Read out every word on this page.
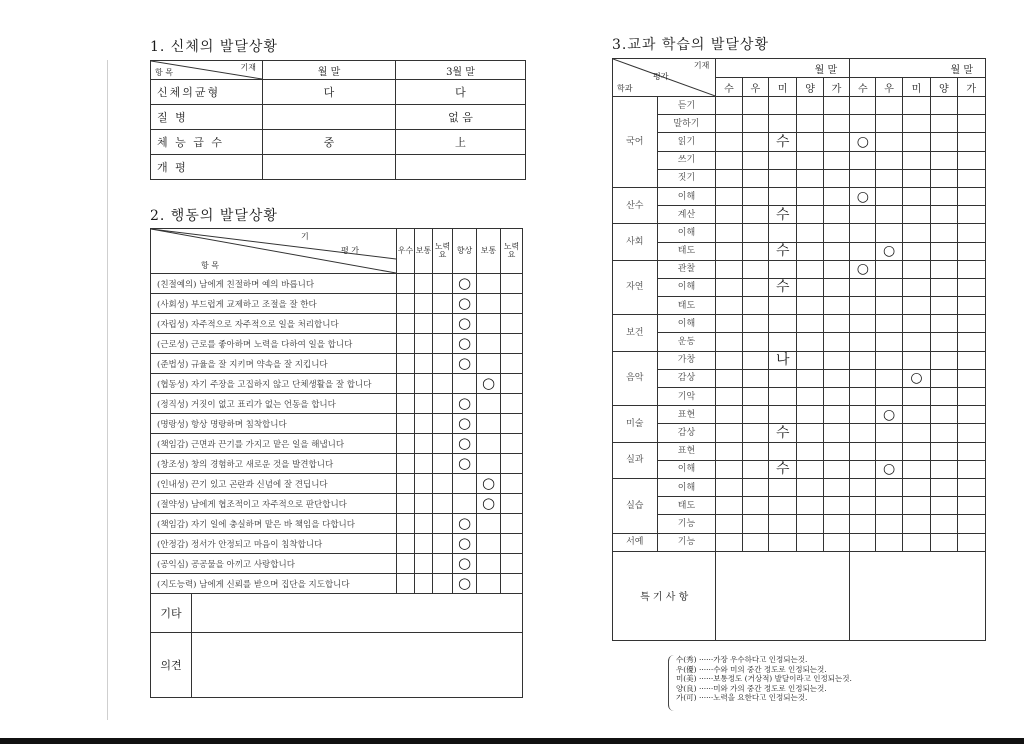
1. 신체의 발달상황
기재
항 목	월 말	3월 말
신체의균형	다	다
질 병		없 음
체 능 급 수	중	上
개 평		
2. 행동의 발달상황
기
평 가
항 목	우수	보통	노력요	향상	보통	노력요
(친절예의) 남에게 친절하며 예의 바릅니다				○		
(사회성) 부드럽게 교제하고 조절을 잘 한다				○		
(자립성) 자주적으로 자주적으로 일을 처리합니다				○		
(근로성) 근로를 좋아하며 노력을 다하여 일을 합니다				○		
(준법성) 규율을 잘 지키며 약속을 잘 지킵니다				○		
(협동성) 자기 주장을 고집하지 않고 단체생활을 잘 합니다					○	
(정직성) 거짓이 없고 표리가 없는 언동을 합니다				○		
(명랑성) 항상 명랑하며 침착합니다				○		
(책임감) 근면과 끈기를 가지고 맡은 일을 해냅니다				○		
(창조성) 창의 경험하고 새로운 것을 발견합니다				○		
(인내성) 끈기 있고 곤란과 신념에 잘 견딥니다					○	
(절약성) 남에게 협조적이고 자주적으로 판단합니다					○	
(책임감) 자기 일에 충실하며 맡은 바 책임을 다합니다				○		
(안정감) 정서가 안정되고 마음이 침착합니다				○		
(공익심) 공공물을 아끼고 사랑합니다				○		
(지도능력) 남에게 신뢰를 받으며 집단을 지도합니다				○		

기타						

의견						
3.교과 학습의 발달상황
학과
평가
기재		월 말					월 말				
		수	우	미	양	가	수	우	미	양	가
국어	듣기										
	말하기										
	읽기			수			○				
	쓰기										
	짓기										
산수	이해						○				
	계산			수							
사회	이해										
	태도			수				○			
자연	관찰						○				
	이해			수							
	태도										
보건	이해										
	운동										
음악	가창			나							
	감상								○		
	기악										
미술	표현							○			
	감상			수							
실과	표현										
	이해			수				○			
실습	이해										
	태도										
	기능										
서예	기능										
특 기 사 항											
수(秀) ······가장 우수하다고 인정되는것.
우(優) ······수와 미의 중간 정도로 인정되는것.
미(美) ······보통정도 (거상적) 발달이라고 인정되는것.
양(良) ······미와 가의 중간 정도로 인정되는것.
가(可) ······노력을 요한다고 인정되는것.
